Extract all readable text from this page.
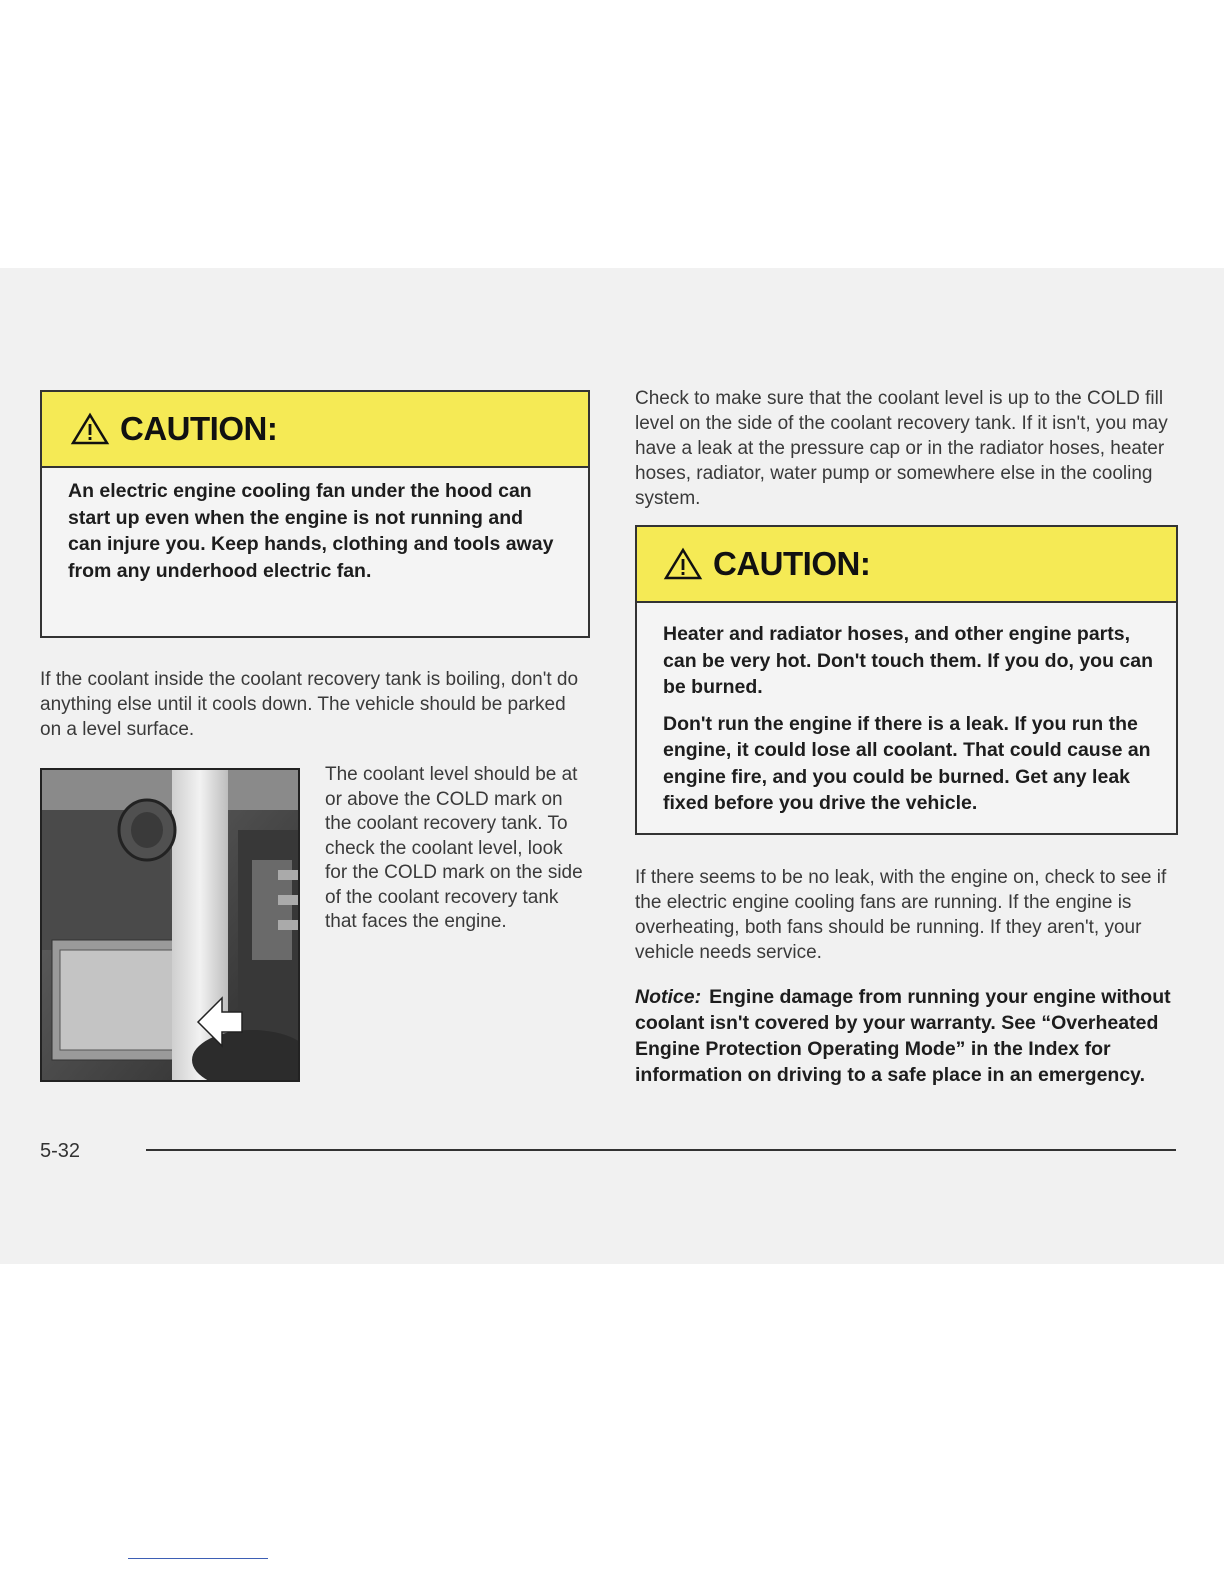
CAUTION:

An electric engine cooling fan under the hood can start up even when the engine is not running and can injure you. Keep hands, clothing and tools away from any underhood electric fan.

If the coolant inside the coolant recovery tank is boiling, don't do anything else until it cools down. The vehicle should be parked on a level surface.

The coolant level should be at or above the COLD mark on the coolant recovery tank. To check the coolant level, look for the COLD mark on the side of the coolant recovery tank that faces the engine.

Check to make sure that the coolant level is up to the COLD fill level on the side of the coolant recovery tank. If it isn't, you may have a leak at the pressure cap or in the radiator hoses, heater hoses, radiator, water pump or somewhere else in the cooling system.

CAUTION:

Heater and radiator hoses, and other engine parts, can be very hot. Don't touch them. If you do, you can be burned.

Don't run the engine if there is a leak. If you run the engine, it could lose all coolant. That could cause an engine fire, and you could be burned. Get any leak fixed before you drive the vehicle.

If there seems to be no leak, with the engine on, check to see if the electric engine cooling fans are running. If the engine is overheating, both fans should be running. If they aren't, your vehicle needs service.

Notice: Engine damage from running your engine without coolant isn't covered by your warranty. See “Overheated Engine Protection Operating Mode” in the Index for information on driving to a safe place in an emergency.
5-32
